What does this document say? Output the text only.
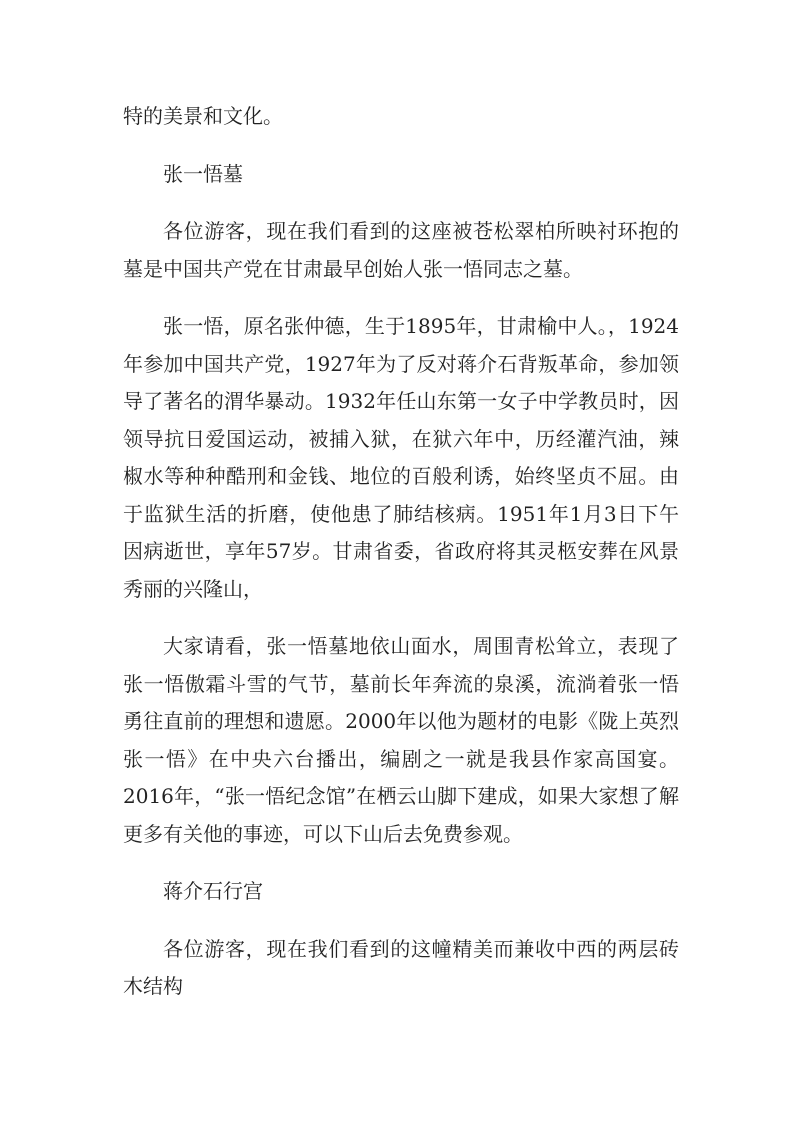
特的美景和文化。

张一悟墓

各位游客，现在我们看到的这座被苍松翠柏所映衬环抱的墓是中国共产党在甘肃最早创始人张一悟同志之墓。

张一悟，原名张仲德，生于1895年，甘肃榆中人。，1924年参加中国共产党，1927年为了反对蒋介石背叛革命，参加领导了著名的渭华暴动。1932年任山东第一女子中学教员时，因领导抗日爱国运动，被捕入狱，在狱六年中，历经灌汽油，辣椒水等种种酷刑和金钱、地位的百般利诱，始终坚贞不屈。由于监狱生活的折磨，使他患了肺结核病。1951年1月3日下午因病逝世，享年57岁。甘肃省委，省政府将其灵柩安葬在风景秀丽的兴隆山，

大家请看，张一悟墓地依山面水，周围青松耸立，表现了张一悟傲霜斗雪的气节，墓前长年奔流的泉溪，流淌着张一悟勇往直前的理想和遗愿。2000年以他为题材的电影《陇上英烈张一悟》在中央六台播出，编剧之一就是我县作家高国宴。2016年，“张一悟纪念馆”在栖云山脚下建成，如果大家想了解更多有关他的事迹，可以下山后去免费参观。

蒋介石行宫

各位游客，现在我们看到的这幢精美而兼收中西的两层砖木结构
